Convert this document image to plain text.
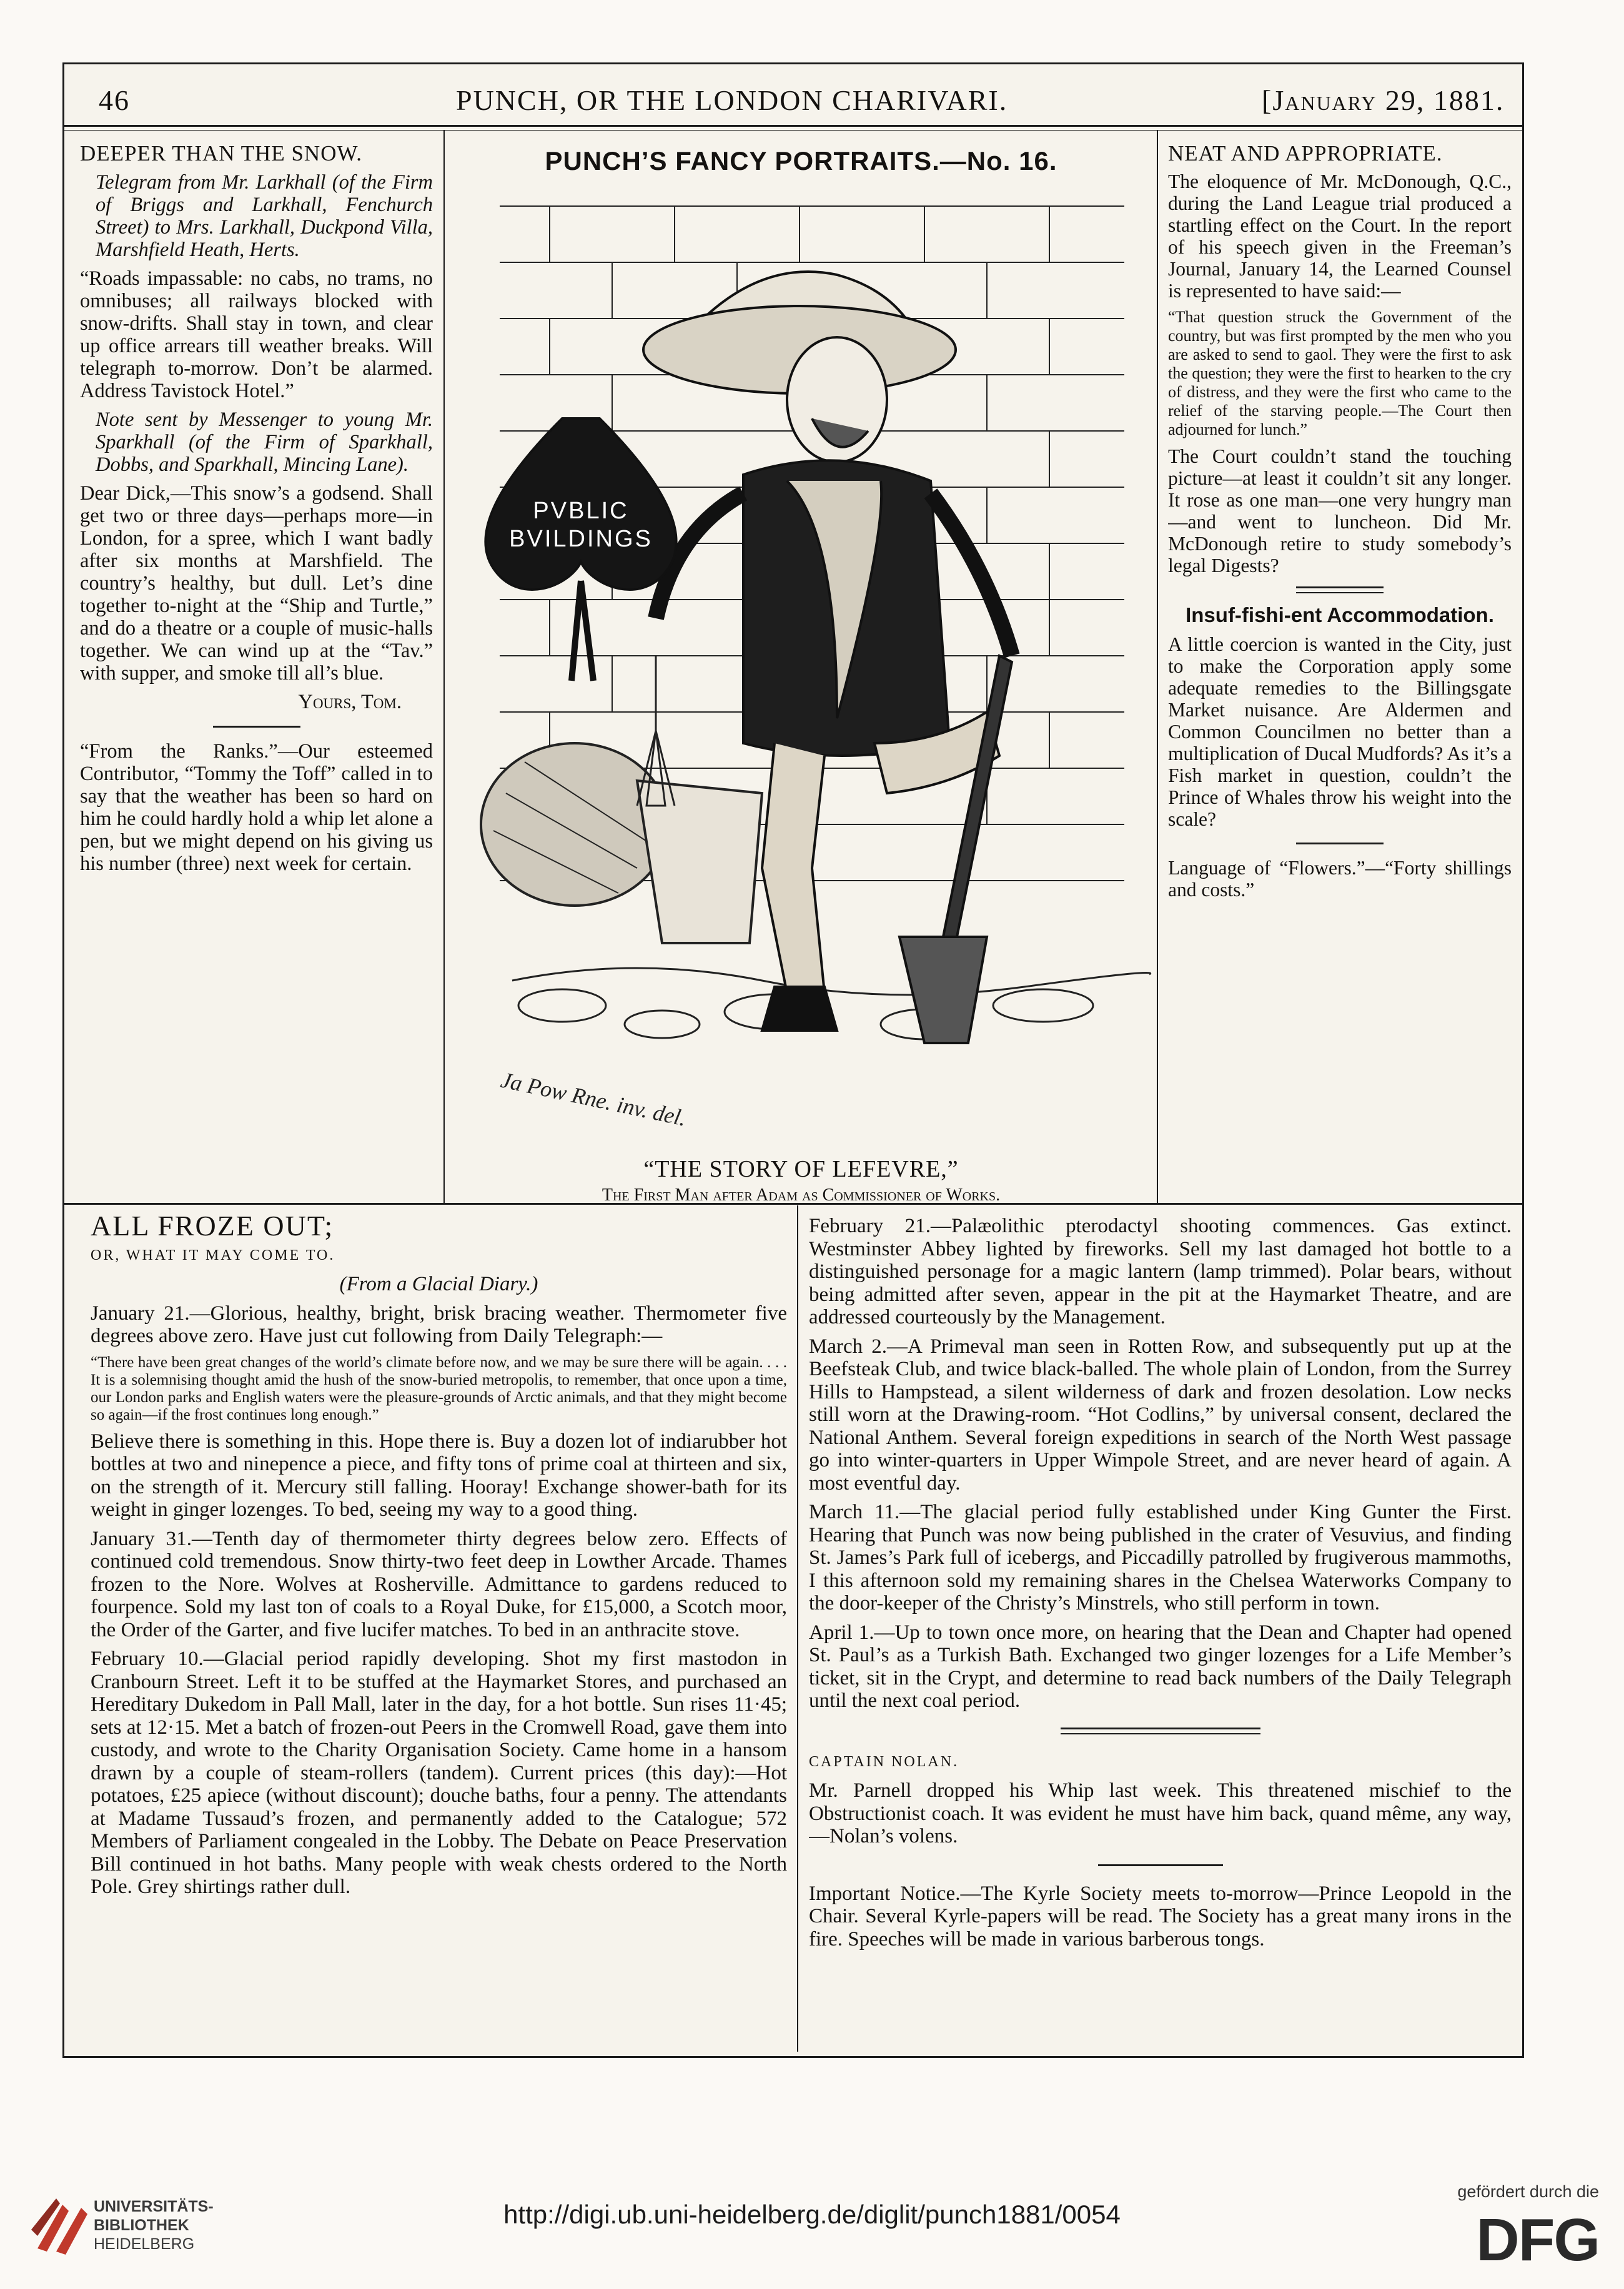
46	PUNCH, OR THE LONDON CHARIVARI.	[January 29, 1881.

DEEPER THAN THE SNOW.

Telegram from Mr. Larkhall (of the Firm of Briggs and Larkhall, Fenchurch Street) to Mrs. Larkhall, Duckpond Villa, Marshfield Heath, Herts.

“Roads impassable: no cabs, no trams, no omnibuses; all railways blocked with snow-drifts. Shall stay in town, and clear up office arrears till weather breaks. Will telegraph to-morrow. Don’t be alarmed. Address Tavistock Hotel.”

Note sent by Messenger to young Mr. Sparkhall (of the Firm of Sparkhall, Dobbs, and Sparkhall, Mincing Lane).

Dear Dick,—This snow’s a godsend. Shall get two or three days—perhaps more—in London, for a spree, which I want badly after six months at Marshfield. The country’s healthy, but dull. Let’s dine together to-night at the “Ship and Turtle,” and do a theatre or a couple of music-halls together. We can wind up at the “Tav.” with supper, and smoke till all’s blue.

Yours, Tom.

“From the Ranks.”—Our esteemed Contributor, “Tommy the Toff” called in to say that the weather has been so hard on him he could hardly hold a whip let alone a pen, but we might depend on his giving us his number (three) next week for certain.

PUNCH’S FANCY PORTRAITS.—No. 16.
PVBLIC
BVILDINGS
Ja Pow Rne. inv. del.
“THE STORY OF LEFEVRE,”
The First Man after Adam as Commissioner of Works.

NEAT AND APPROPRIATE.

The eloquence of Mr. McDonough, Q.C., during the Land League trial produced a startling effect on the Court. In the report of his speech given in the Freeman’s Journal, January 14, the Learned Counsel is represented to have said:—

“That question struck the Government of the country, but was first prompted by the men who you are asked to send to gaol. They were the first to ask the question; they were the first to hearken to the cry of distress, and they were the first who came to the relief of the starving people.—The Court then adjourned for lunch.”

The Court couldn’t stand the touching picture—at least it couldn’t sit any longer. It rose as one man—one very hungry man—and went to luncheon. Did Mr. McDonough retire to study somebody’s legal Digests?

Insuf-fishi-ent Accommodation.

A little coercion is wanted in the City, just to make the Corporation apply some adequate remedies to the Billingsgate Market nuisance. Are Aldermen and Common Councilmen no better than a multiplication of Ducal Mudfords? As it’s a Fish market in question, couldn’t the Prince of Whales throw his weight into the scale?

Language of “Flowers.”—“Forty shillings and costs.”

ALL FROZE OUT;

OR, WHAT IT MAY COME TO.

(From a Glacial Diary.)

January 21.—Glorious, healthy, bright, brisk bracing weather. Thermometer five degrees above zero. Have just cut following from Daily Telegraph:—

“There have been great changes of the world’s climate before now, and we may be sure there will be again. . . . It is a solemnising thought amid the hush of the snow-buried metropolis, to remember, that once upon a time, our London parks and English waters were the pleasure-grounds of Arctic animals, and that they might become so again—if the frost continues long enough.”

Believe there is something in this. Hope there is. Buy a dozen lot of indiarubber hot bottles at two and ninepence a piece, and fifty tons of prime coal at thirteen and six, on the strength of it. Mercury still falling. Hooray! Exchange shower-bath for its weight in ginger lozenges. To bed, seeing my way to a good thing.

January 31.—Tenth day of thermometer thirty degrees below zero. Effects of continued cold tremendous. Snow thirty-two feet deep in Lowther Arcade. Thames frozen to the Nore. Wolves at Rosherville. Admittance to gardens reduced to fourpence. Sold my last ton of coals to a Royal Duke, for £15,000, a Scotch moor, the Order of the Garter, and five lucifer matches. To bed in an anthracite stove.

February 10.—Glacial period rapidly developing. Shot my first mastodon in Cranbourn Street. Left it to be stuffed at the Haymarket Stores, and purchased an Hereditary Dukedom in Pall Mall, later in the day, for a hot bottle. Sun rises 11·45; sets at 12·15. Met a batch of frozen-out Peers in the Cromwell Road, gave them into custody, and wrote to the Charity Organisation Society. Came home in a hansom drawn by a couple of steam-rollers (tandem). Current prices (this day):—Hot potatoes, £25 apiece (without discount); douche baths, four a penny. The attendants at Madame Tussaud’s frozen, and permanently added to the Catalogue; 572 Members of Parliament congealed in the Lobby. The Debate on Peace Preservation Bill continued in hot baths. Many people with weak chests ordered to the North Pole. Grey shirtings rather dull.

February 21.—Palæolithic pterodactyl shooting commences. Gas extinct. Westminster Abbey lighted by fireworks. Sell my last damaged hot bottle to a distinguished personage for a magic lantern (lamp trimmed). Polar bears, without being admitted after seven, appear in the pit at the Haymarket Theatre, and are addressed courteously by the Management.

March 2.—A Primeval man seen in Rotten Row, and subsequently put up at the Beefsteak Club, and twice black-balled. The whole plain of London, from the Surrey Hills to Hampstead, a silent wilderness of dark and frozen desolation. Low necks still worn at the Drawing-room. “Hot Codlins,” by universal consent, declared the National Anthem. Several foreign expeditions in search of the North West passage go into winter-quarters in Upper Wimpole Street, and are never heard of again. A most eventful day.

March 11.—The glacial period fully established under King Gunter the First. Hearing that Punch was now being published in the crater of Vesuvius, and finding St. James’s Park full of icebergs, and Piccadilly patrolled by frugiverous mammoths, I this afternoon sold my remaining shares in the Chelsea Waterworks Company to the door-keeper of the Christy’s Minstrels, who still perform in town.

April 1.—Up to town once more, on hearing that the Dean and Chapter had opened St. Paul’s as a Turkish Bath. Exchanged two ginger lozenges for a Life Member’s ticket, sit in the Crypt, and determine to read back numbers of the Daily Telegraph until the next coal period.

CAPTAIN NOLAN.

Mr. Parnell dropped his Whip last week. This threatened mischief to the Obstructionist coach. It was evident he must have him back, quand même, any way,—Nolan’s volens.

Important Notice.—The Kyrle Society meets to-morrow—Prince Leopold in the Chair. Several Kyrle-papers will be read. The Society has a great many irons in the fire. Speeches will be made in various barberous tongs.

UNIVERSITÄTS-
BIBLIOTHEK
HEIDELBERG
http://digi.ub.uni-heidelberg.de/diglit/punch1881/0054
gefördert durch die
DFG
